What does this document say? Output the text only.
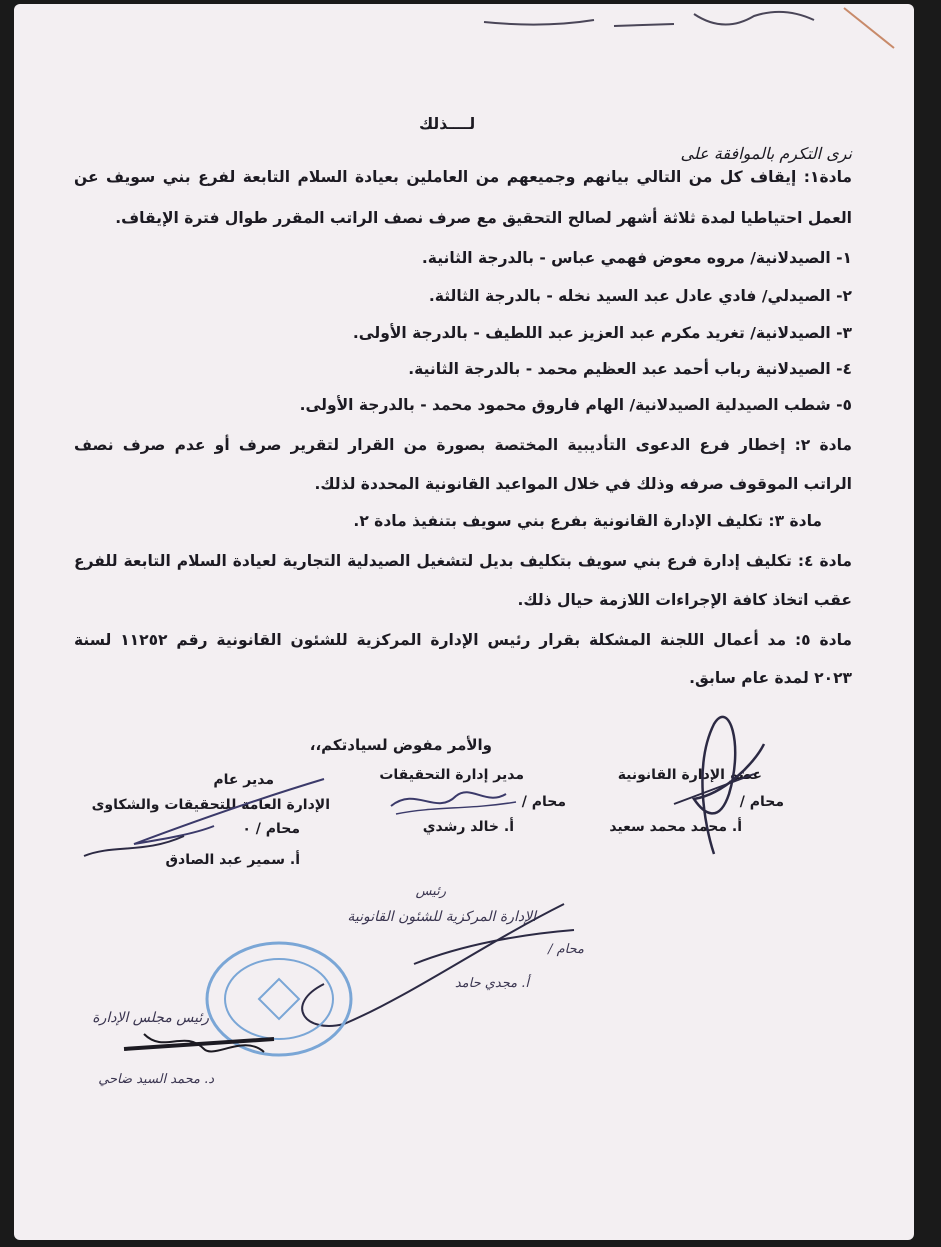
لــــذلك
نرى التكرم بالموافقة على
مادة١: إيقاف كل من التالي بيانهم وجميعهم من العاملين بعيادة السلام التابعة لفرع بني سويف عن
العمل احتياطيا لمدة ثلاثة أشهر لصالح التحقيق مع صرف نصف الراتب المقرر طوال فترة الإيقاف.
١- الصيدلانية/ مروه معوض فهمي عباس - بالدرجة الثانية.
٢- الصيدلي/ فادي عادل عبد السيد نخله - بالدرجة الثالثة.
٣- الصيدلانية/ تغريد مكرم عبد العزيز عبد اللطيف - بالدرجة الأولى.
٤- الصيدلانية رباب أحمد عبد العظيم محمد - بالدرجة الثانية.
٥- شطب الصيدلية الصيدلانية/ الهام فاروق محمود محمد - بالدرجة الأولى.
مادة ٢: إخطار فرع الدعوى التأديبية المختصة بصورة من القرار لتقرير صرف أو عدم صرف نصف
الراتب الموقوف صرفه وذلك في خلال المواعيد القانونية المحددة لذلك.
مادة ٣: تكليف الإدارة القانونية بفرع بني سويف بتنفيذ مادة ٢.
مادة ٤: تكليف إدارة فرع بني سويف بتكليف بديل لتشغيل الصيدلية التجارية لعيادة السلام التابعة للفرع
عقب اتخاذ كافة الإجراءات اللازمة حيال ذلك.
مادة ٥: مد أعمال اللجنة المشكلة بقرار رئيس الإدارة المركزية للشئون القانونية رقم ١١٢٥٢ لسنة
٢٠٢٣ لمدة عام سابق.
والأمر مفوض لسيادتكم،،
عضو الإدارة القانونية
محام /
أ. محمد محمد سعيد
مدير إدارة التحقيقات
محام /
أ. خالد رشدي
مدير عام
الإدارة العامة للتحقيقات والشكاوى
محام / ٠
أ. سمير عبد الصادق
رئيس
الإدارة المركزية للشئون القانونية
محام /
أ. مجدي حامد
رئيس مجلس الإدارة
د. محمد السيد ضاحي
